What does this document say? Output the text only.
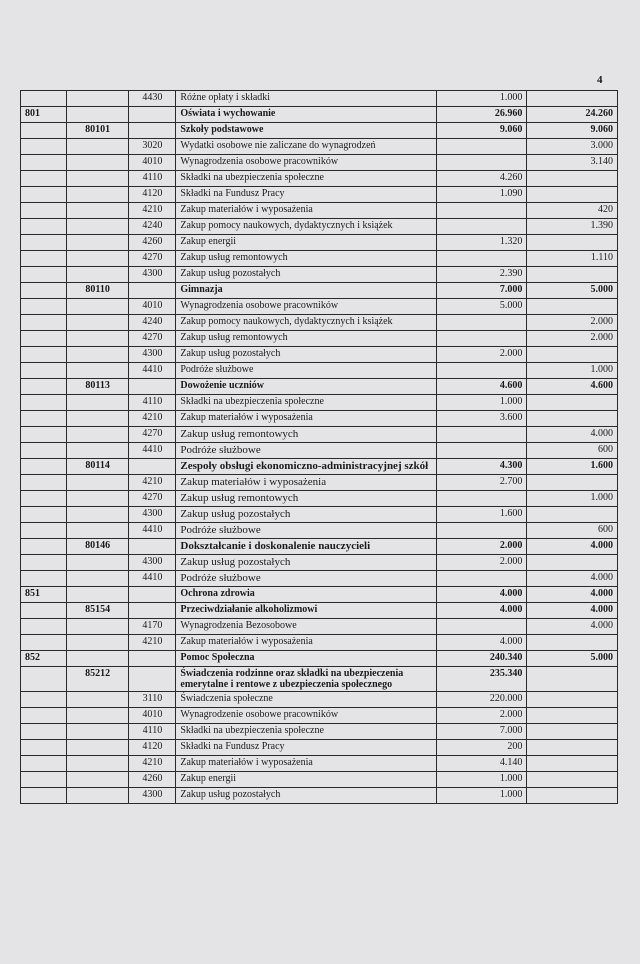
4
		4430	Różne opłaty i składki	1.000	
801			Oświata i wychowanie	26.960	24.260
	80101		Szkoły podstawowe	9.060	9.060
		3020	Wydatki osobowe nie zaliczane do wynagrodzeń		3.000
		4010	Wynagrodzenia osobowe pracowników		3.140
		4110	Składki na ubezpieczenia społeczne	4.260	
		4120	Składki na Fundusz Pracy	1.090	
		4210	Zakup materiałów i wyposażenia		420
		4240	Zakup pomocy naukowych, dydaktycznych i książek		1.390
		4260	Zakup energii	1.320	
		4270	Zakup usług remontowych		1.110
		4300	Zakup usług pozostałych	2.390	
	80110		Gimnazja	7.000	5.000
		4010	Wynagrodzenia osobowe pracowników	5.000	
		4240	Zakup pomocy naukowych, dydaktycznych i książek		2.000
		4270	Zakup usług remontowych		2.000
		4300	Zakup usług pozostałych	2.000	
		4410	Podróże służbowe		1.000
	80113		Dowożenie uczniów	4.600	4.600
		4110	Składki na ubezpieczenia społeczne	1.000	
		4210	Zakup materiałów i wyposażenia	3.600	
		4270	Zakup usług remontowych		4.000
		4410	Podróże służbowe		600
	80114		Zespoły obsługi ekonomiczno-administracyjnej szkół	4.300	1.600
		4210	Zakup materiałów i wyposażenia	2.700	
		4270	Zakup usług remontowych		1.000
		4300	Zakup usług pozostałych	1.600	
		4410	Podróże służbowe		600
	80146		Dokształcanie i doskonalenie nauczycieli	2.000	4.000
		4300	Zakup usług pozostałych	2.000	
		4410	Podróże służbowe		4.000
851			Ochrona zdrowia	4.000	4.000
	85154		Przeciwdziałanie alkoholizmowi	4.000	4.000
		4170	Wynagrodzenia Bezosobowe		4.000
		4210	Zakup materiałów i wyposażenia	4.000	
852			Pomoc Społeczna	240.340	5.000
	85212		Świadczenia rodzinne oraz składki na ubezpieczenia emerytalne i rentowe z ubezpieczenia społecznego	235.340	
		3110	Świadczenia społeczne	220.000	
		4010	Wynagrodzenie osobowe pracowników	2.000	
		4110	Składki na ubezpieczenia społeczne	7.000	
		4120	Składki na Fundusz Pracy	200	
		4210	Zakup materiałów i wyposażenia	4.140	
		4260	Zakup energii	1.000	
		4300	Zakup usług pozostałych	1.000	
